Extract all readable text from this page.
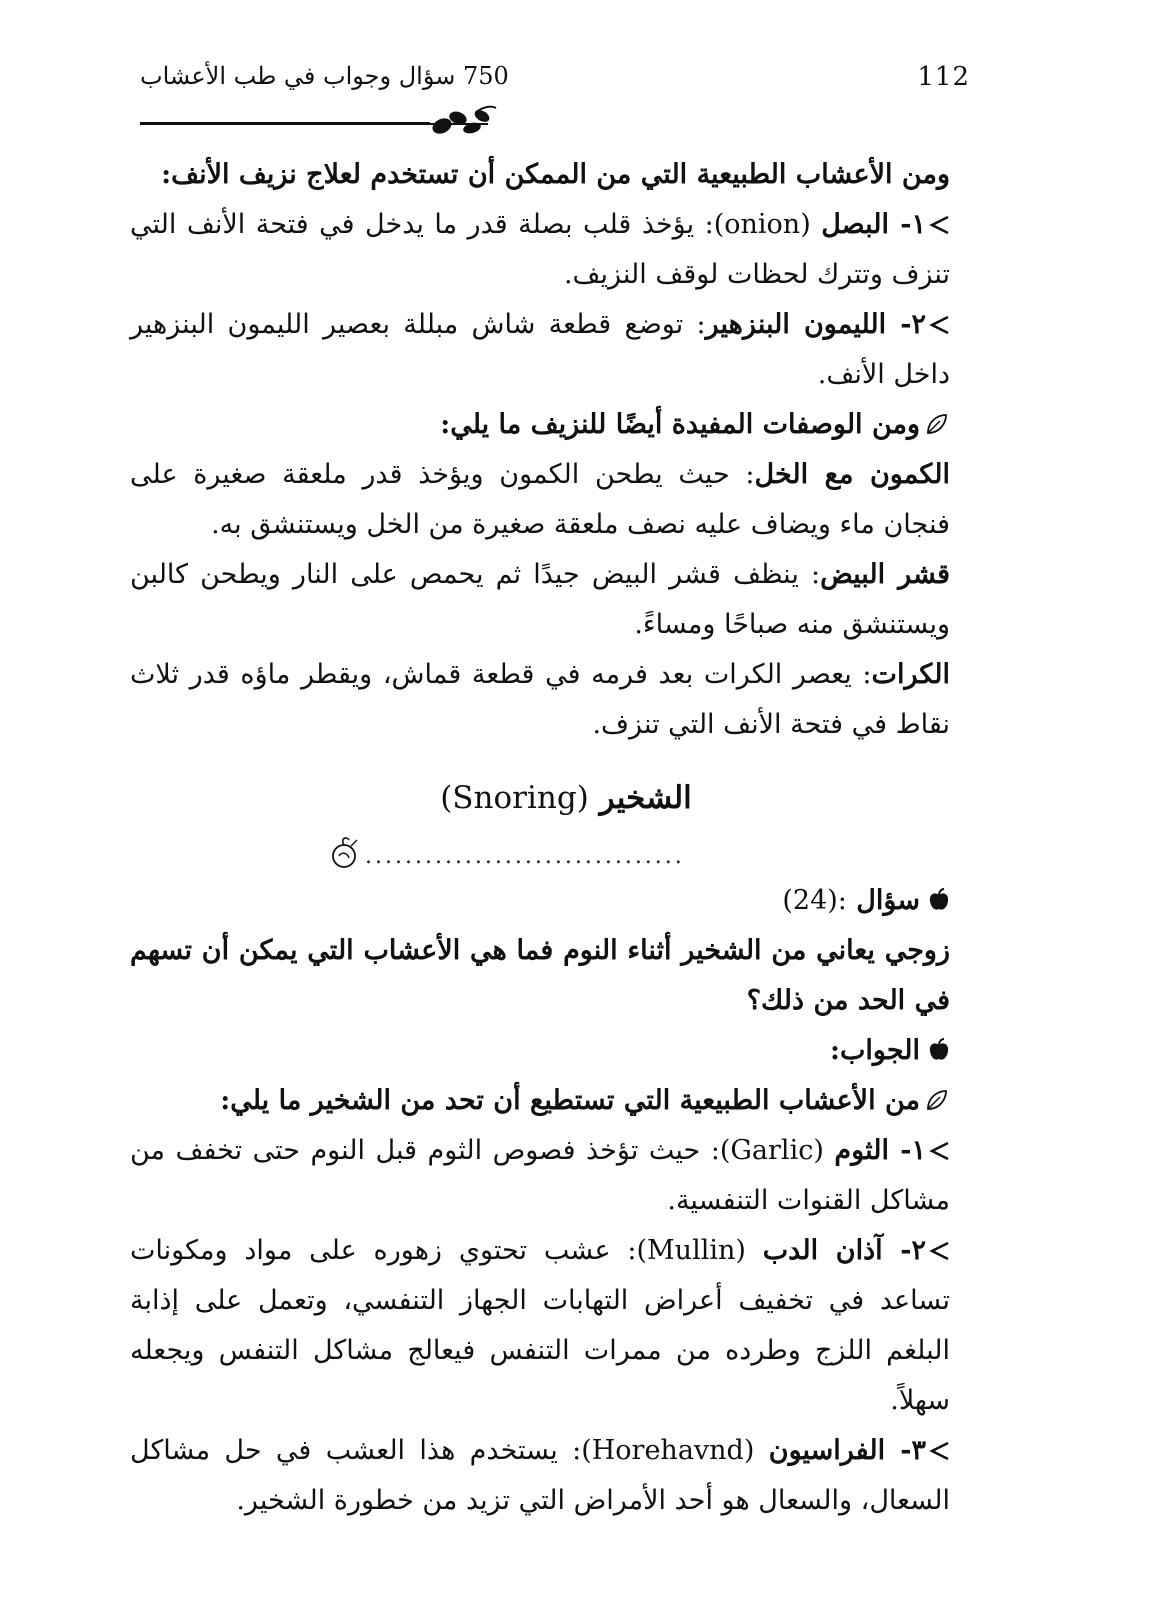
750 سؤال وجواب في طب الأعشاب	112

ومن الأعشاب الطبيعية التي من الممكن أن تستخدم لعلاج نزيف الأنف:

١- البصل (onion): يؤخذ قلب بصلة قدر ما يدخل في فتحة الأنف التي تنزف وتترك لحظات لوقف النزيف.

٢- الليمون البنزهير: توضع قطعة شاش مبللة بعصير الليمون البنزهير داخل الأنف.

ومن الوصفات المفيدة أيضًا للنزيف ما يلي:

الكمون مع الخل: حيث يطحن الكمون ويؤخذ قدر ملعقة صغيرة على فنجان ماء ويضاف عليه نصف ملعقة صغيرة من الخل ويستنشق به.

قشر البيض: ينظف قشر البيض جيدًا ثم يحمص على النار ويطحن كالبن ويستنشق منه صباحًا ومساءً.

الكرات: يعصر الكرات بعد فرمه في قطعة قماش، ويقطر ماؤه قدر ثلاث نقاط في فتحة الأنف التي تنزف.

الشخير (Snoring)
................................

سؤال (24):

زوجي يعاني من الشخير أثناء النوم فما هي الأعشاب التي يمكن أن تسهم في الحد من ذلك؟

الجواب:

من الأعشاب الطبيعية التي تستطيع أن تحد من الشخير ما يلي:

١- الثوم (Garlic): حيث تؤخذ فصوص الثوم قبل النوم حتى تخفف من مشاكل القنوات التنفسية.

٢- آذان الدب (Mullin): عشب تحتوي زهوره على مواد ومكونات تساعد في تخفيف أعراض التهابات الجهاز التنفسي، وتعمل على إذابة البلغم اللزج وطرده من ممرات التنفس فيعالج مشاكل التنفس ويجعله سهلاً.

٣- الفراسيون (Horehavnd): يستخدم هذا العشب في حل مشاكل السعال، والسعال هو أحد الأمراض التي تزيد من خطورة الشخير.
